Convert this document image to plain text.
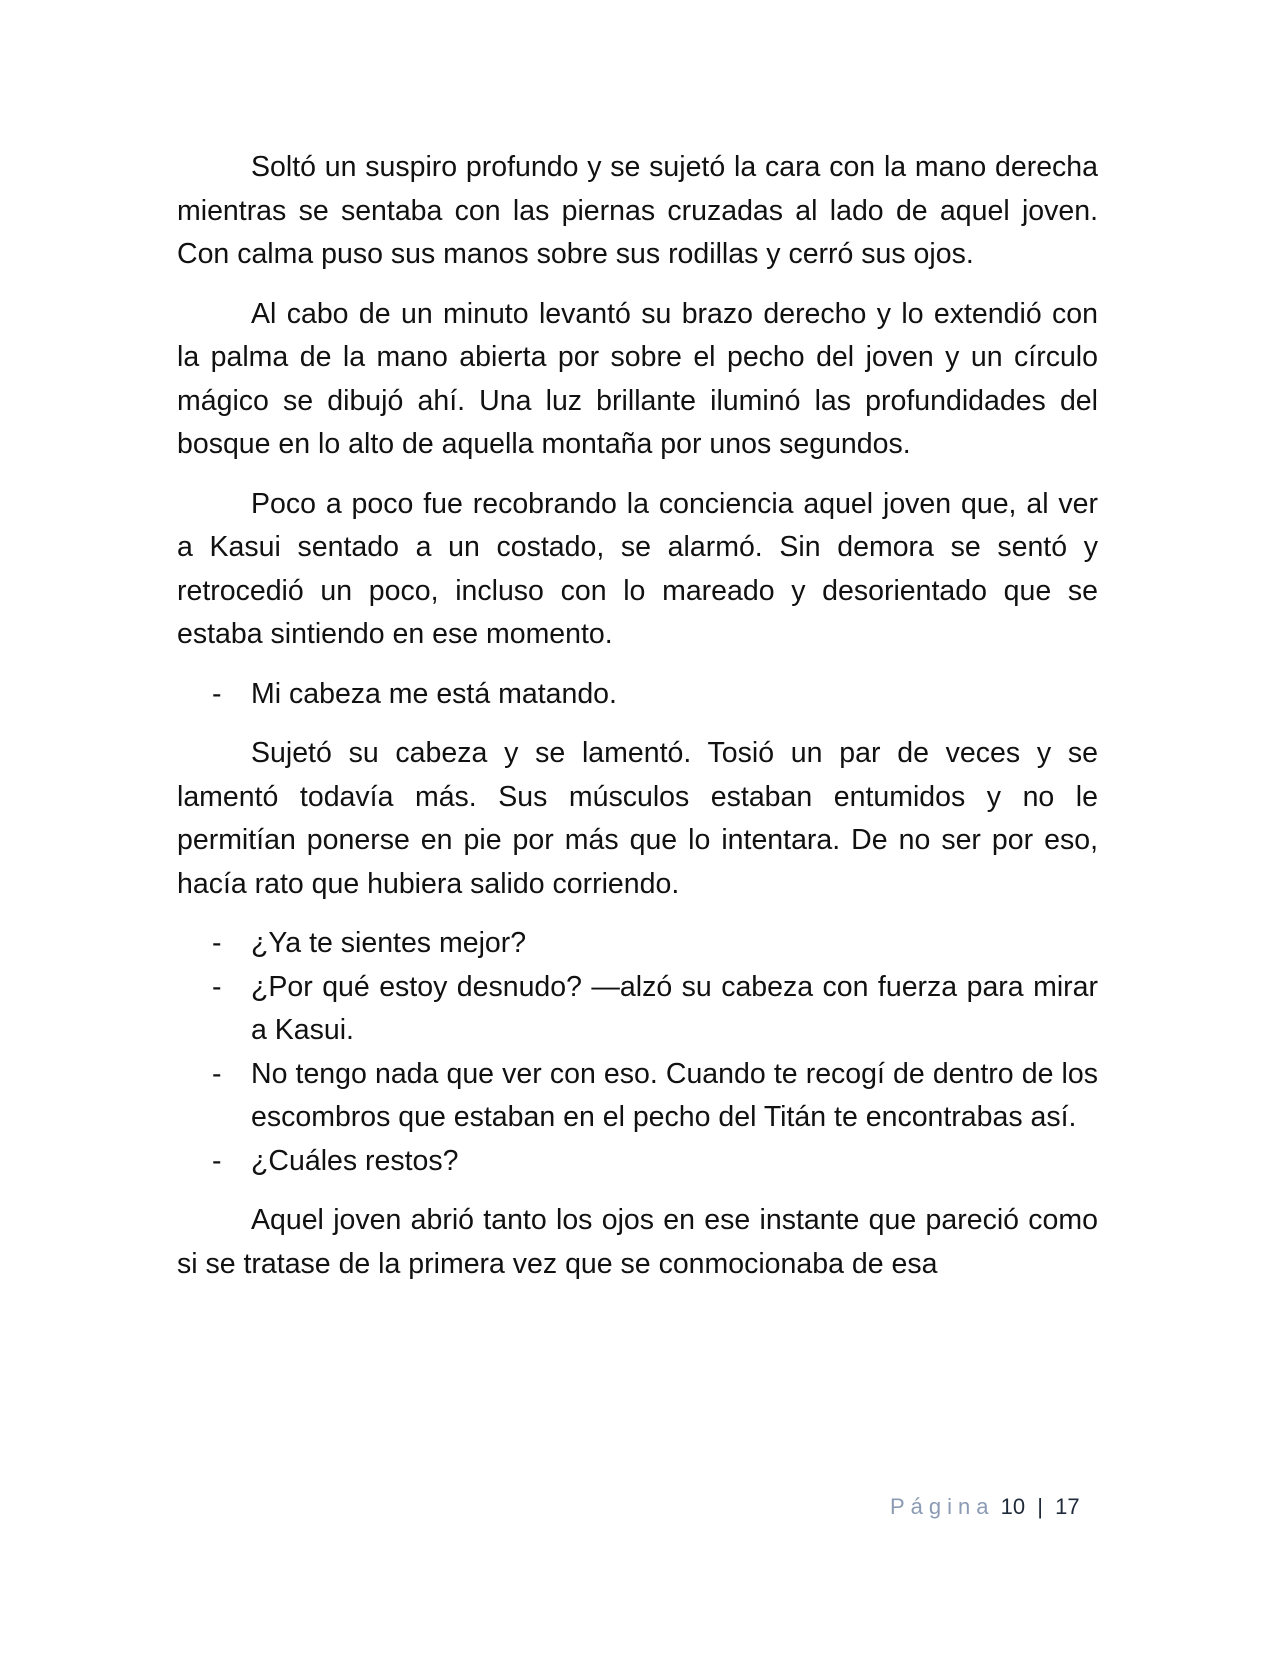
Soltó un suspiro profundo y se sujetó la cara con la mano derecha mientras se sentaba con las piernas cruzadas al lado de aquel joven. Con calma puso sus manos sobre sus rodillas y cerró sus ojos.

Al cabo de un minuto levantó su brazo derecho y lo extendió con la palma de la mano abierta por sobre el pecho del joven y un círculo mágico se dibujó ahí. Una luz brillante iluminó las profundidades del bosque en lo alto de aquella montaña por unos segundos.

Poco a poco fue recobrando la conciencia aquel joven que, al ver a Kasui sentado a un costado, se alarmó. Sin demora se sentó y retrocedió un poco, incluso con lo mareado y desorientado que se estaba sintiendo en ese momento.

- Mi cabeza me está matando.

Sujetó su cabeza y se lamentó. Tosió un par de veces y se lamentó todavía más. Sus músculos estaban entumidos y no le permitían ponerse en pie por más que lo intentara. De no ser por eso, hacía rato que hubiera salido corriendo.

- ¿Ya te sientes mejor?
- ¿Por qué estoy desnudo? —alzó su cabeza con fuerza para mirar a Kasui.
- No tengo nada que ver con eso. Cuando te recogí de dentro de los escombros que estaban en el pecho del Titán te encontrabas así.
- ¿Cuáles restos?

Aquel joven abrió tanto los ojos en ese instante que pareció como si se tratase de la primera vez que se conmocionaba de esa

Página 10 | 17
